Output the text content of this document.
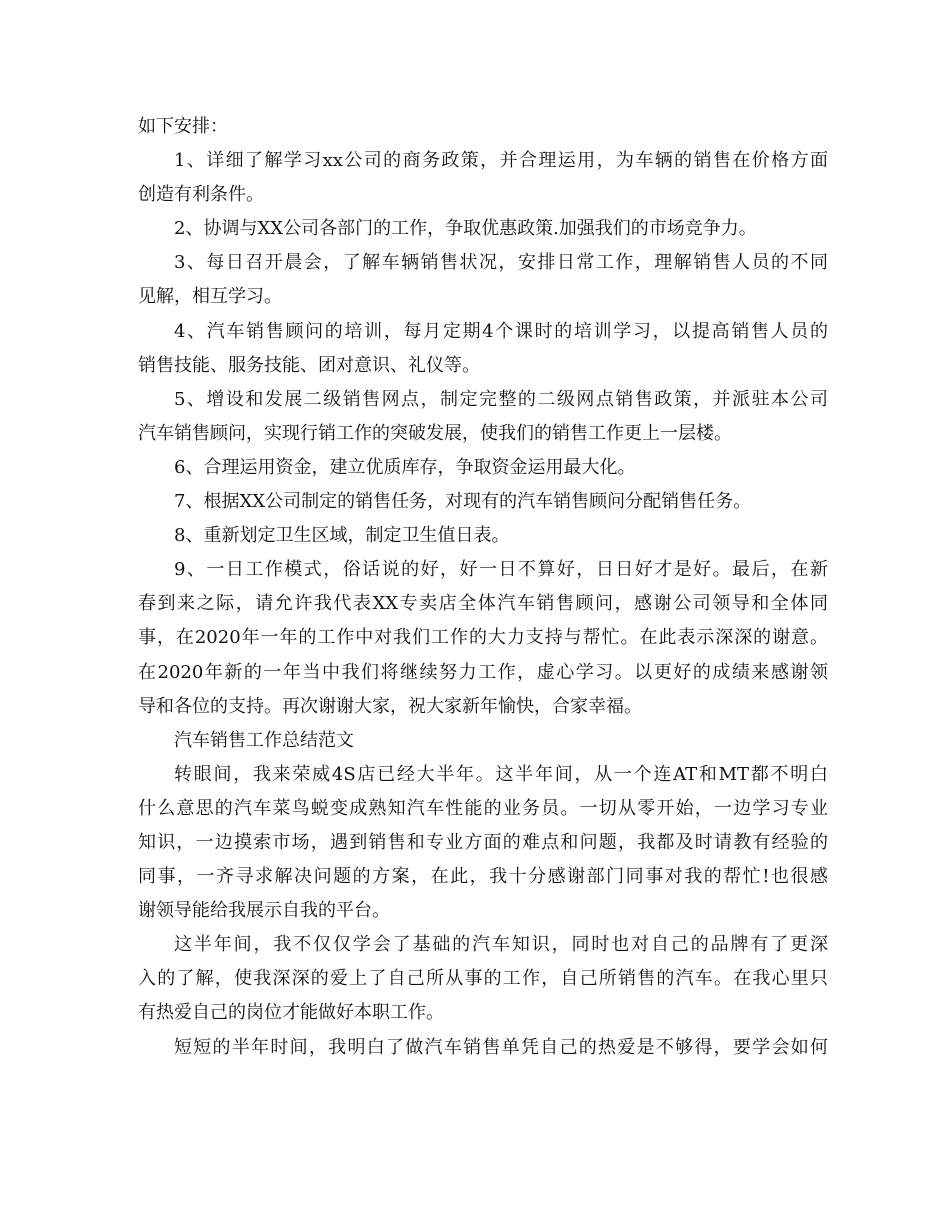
如下安排：
1、详细了解学习xx公司的商务政策，并合理运用，为车辆的销售在价格方面
创造有利条件。
2、协调与XX公司各部门的工作，争取优惠政策.加强我们的市场竞争力。
3、每日召开晨会，了解车辆销售状况，安排日常工作，理解销售人员的不同
见解，相互学习。
4、汽车销售顾问的培训，每月定期4个课时的培训学习，以提高销售人员的
销售技能、服务技能、团对意识、礼仪等。
5、增设和发展二级销售网点，制定完整的二级网点销售政策，并派驻本公司
汽车销售顾问，实现行销工作的突破发展，使我们的销售工作更上一层楼。
6、合理运用资金，建立优质库存，争取资金运用最大化。
7、根据XX公司制定的销售任务，对现有的汽车销售顾问分配销售任务。
8、重新划定卫生区域，制定卫生值日表。
9、一日工作模式，俗话说的好，好一日不算好，日日好才是好。最后，在新
春到来之际，请允许我代表XX专卖店全体汽车销售顾问，感谢公司领导和全体同
事，在2020年一年的工作中对我们工作的大力支持与帮忙。在此表示深深的谢意。
在2020年新的一年当中我们将继续努力工作，虚心学习。以更好的成绩来感谢领
导和各位的支持。再次谢谢大家，祝大家新年愉快，合家幸福。
汽车销售工作总结范文
转眼间，我来荣威4S店已经大半年。这半年间，从一个连AT和MT都不明白
什么意思的汽车菜鸟蜕变成熟知汽车性能的业务员。一切从零开始，一边学习专业
知识，一边摸索市场，遇到销售和专业方面的难点和问题，我都及时请教有经验的
同事，一齐寻求解决问题的方案，在此，我十分感谢部门同事对我的帮忙!也很感
谢领导能给我展示自我的平台。
这半年间，我不仅仅学会了基础的汽车知识，同时也对自己的品牌有了更深
入的了解，使我深深的爱上了自己所从事的工作，自己所销售的汽车。在我心里只
有热爱自己的岗位才能做好本职工作。
短短的半年时间，我明白了做汽车销售单凭自己的热爱是不够得，要学会如何
